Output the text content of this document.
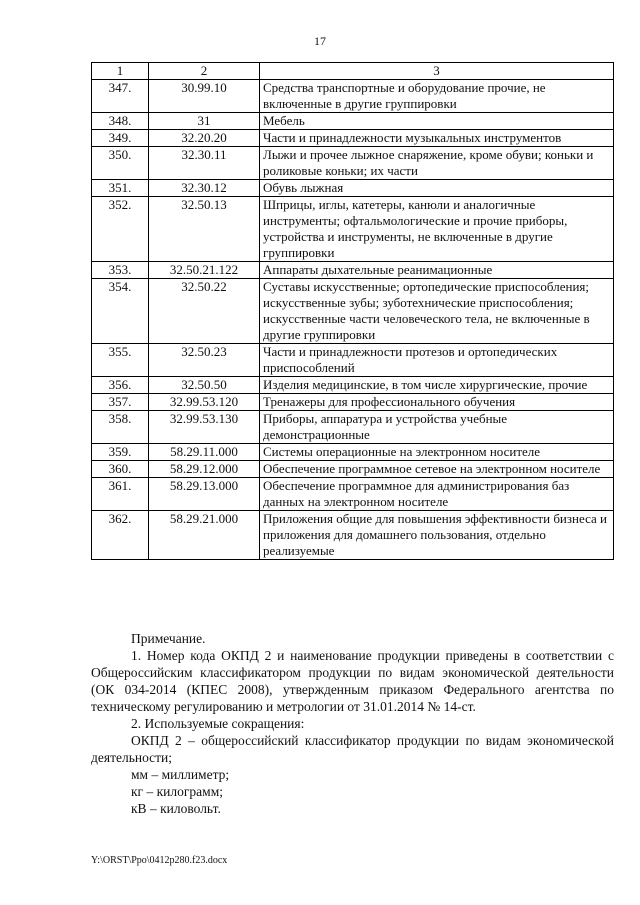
17
1	2	3
347.	30.99.10	Средства транспортные и оборудование прочие, не включенные в другие группировки
348.	31	Мебель
349.	32.20.20	Части и принадлежности музыкальных инструментов
350.	32.30.11	Лыжи и прочее лыжное снаряжение, кроме обуви; коньки и роликовые коньки; их части
351.	32.30.12	Обувь лыжная
352.	32.50.13	Шприцы, иглы, катетеры, канюли и аналогичные инструменты; офтальмологические и прочие приборы, устройства и инструменты, не включенные в другие группировки
353.	32.50.21.122	Аппараты дыхательные реанимационные
354.	32.50.22	Суставы искусственные; ортопедические приспособления; искусственные зубы; зуботехнические приспособления; искусственные части человеческого тела, не включенные в другие группировки
355.	32.50.23	Части и принадлежности протезов и ортопедических приспособлений
356.	32.50.50	Изделия медицинские, в том числе хирургические, прочие
357.	32.99.53.120	Тренажеры для профессионального обучения
358.	32.99.53.130	Приборы, аппаратура и устройства учебные демонстрационные
359.	58.29.11.000	Системы операционные на электронном носителе
360.	58.29.12.000	Обеспечение программное сетевое на электронном носителе
361.	58.29.13.000	Обеспечение программное для администрирования баз данных на электронном носителе
362.	58.29.21.000	Приложения общие для повышения эффективности бизнеса и приложения для домашнего пользования, отдельно реализуемые

Примечание.

1. Номер кода ОКПД 2 и наименование продукции приведены в соответствии с Общероссийским классификатором продукции по видам экономической деятельности (ОК 034-2014 (КПЕС 2008), утвержденным приказом Федерального агентства по техническому регулированию и метрологии от 31.01.2014 № 14-ст.

2. Используемые сокращения:

ОКПД 2 – общероссийский классификатор продукции по видам экономической деятельности;

мм – миллиметр;

кг – килограмм;

кВ – киловольт.

Y:\ORST\Ppo\0412p280.f23.docx
